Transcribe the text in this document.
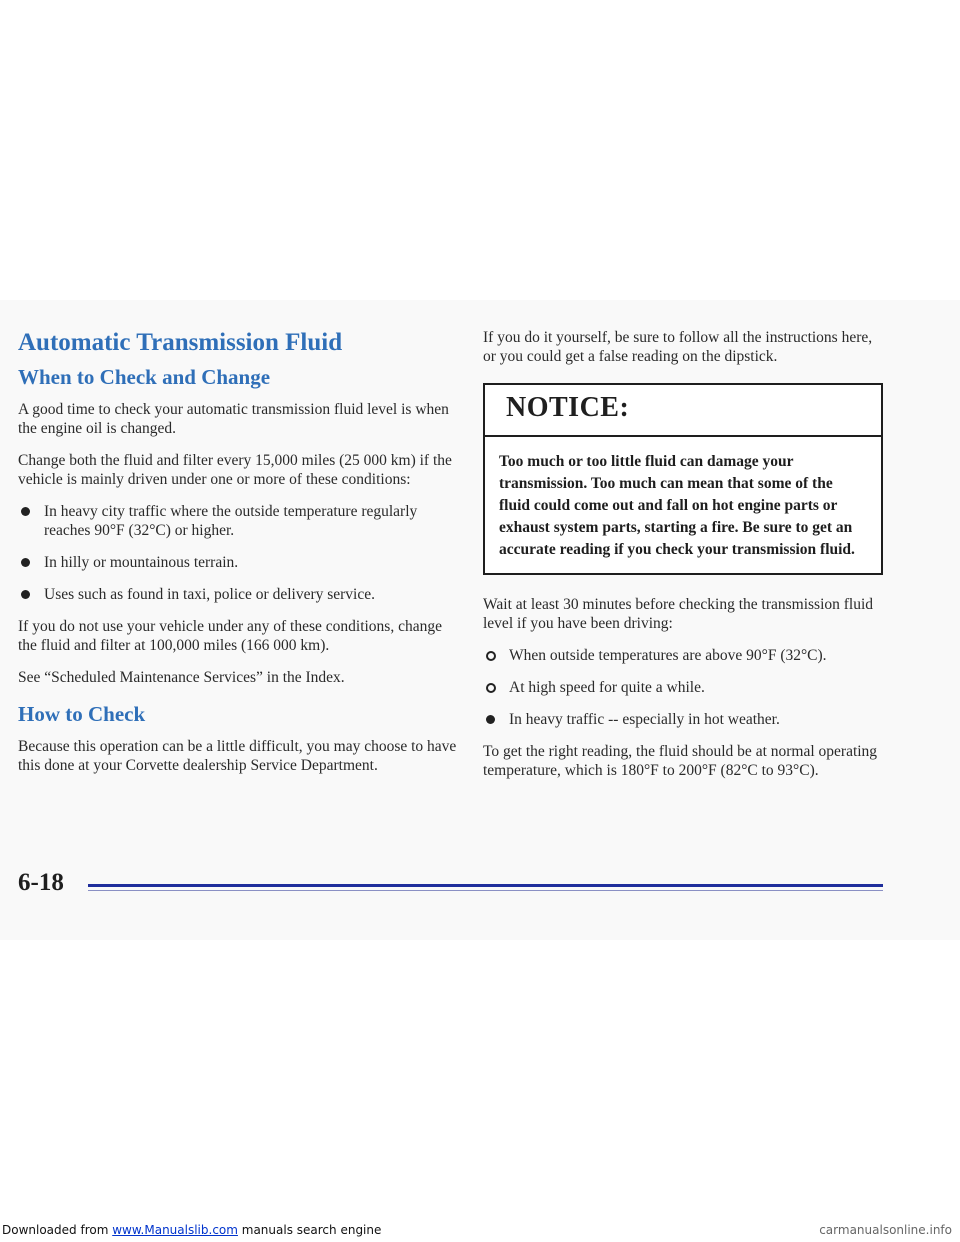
Automatic Transmission Fluid
When to Check and Change

A good time to check your automatic transmission fluid level is when the engine oil is changed.

Change both the fluid and filter every 15,000 miles (25 000 km) if the vehicle is mainly driven under one or more of these conditions:

In heavy city traffic where the outside temperature regularly reaches 90°F (32°C) or higher.
In hilly or mountainous terrain.
Uses such as found in taxi, police or delivery service.

If you do not use your vehicle under any of these conditions, change the fluid and filter at 100,000 miles (166 000 km).

See “Scheduled Maintenance Services” in the Index.

How to Check

Because this operation can be a little difficult, you may choose to have this done at your Corvette dealership Service Department.

If you do it yourself, be sure to follow all the instructions here, or you could get a false reading on the dipstick.

NOTICE:
Too much or too little fluid can damage your transmission. Too much can mean that some of the fluid could come out and fall on hot engine parts or exhaust system parts, starting a fire. Be sure to get an accurate reading if you check your transmission fluid.

Wait at least 30 minutes before checking the transmission fluid level if you have been driving:

When outside temperatures are above 90°F (32°C).
At high speed for quite a while.
In heavy traffic -- especially in hot weather.

To get the right reading, the fluid should be at normal operating temperature, which is 180°F to 200°F (82°C to 93°C).

6-18
Downloaded from www.Manualslib.com manuals search engine	carmanualsonline.info
